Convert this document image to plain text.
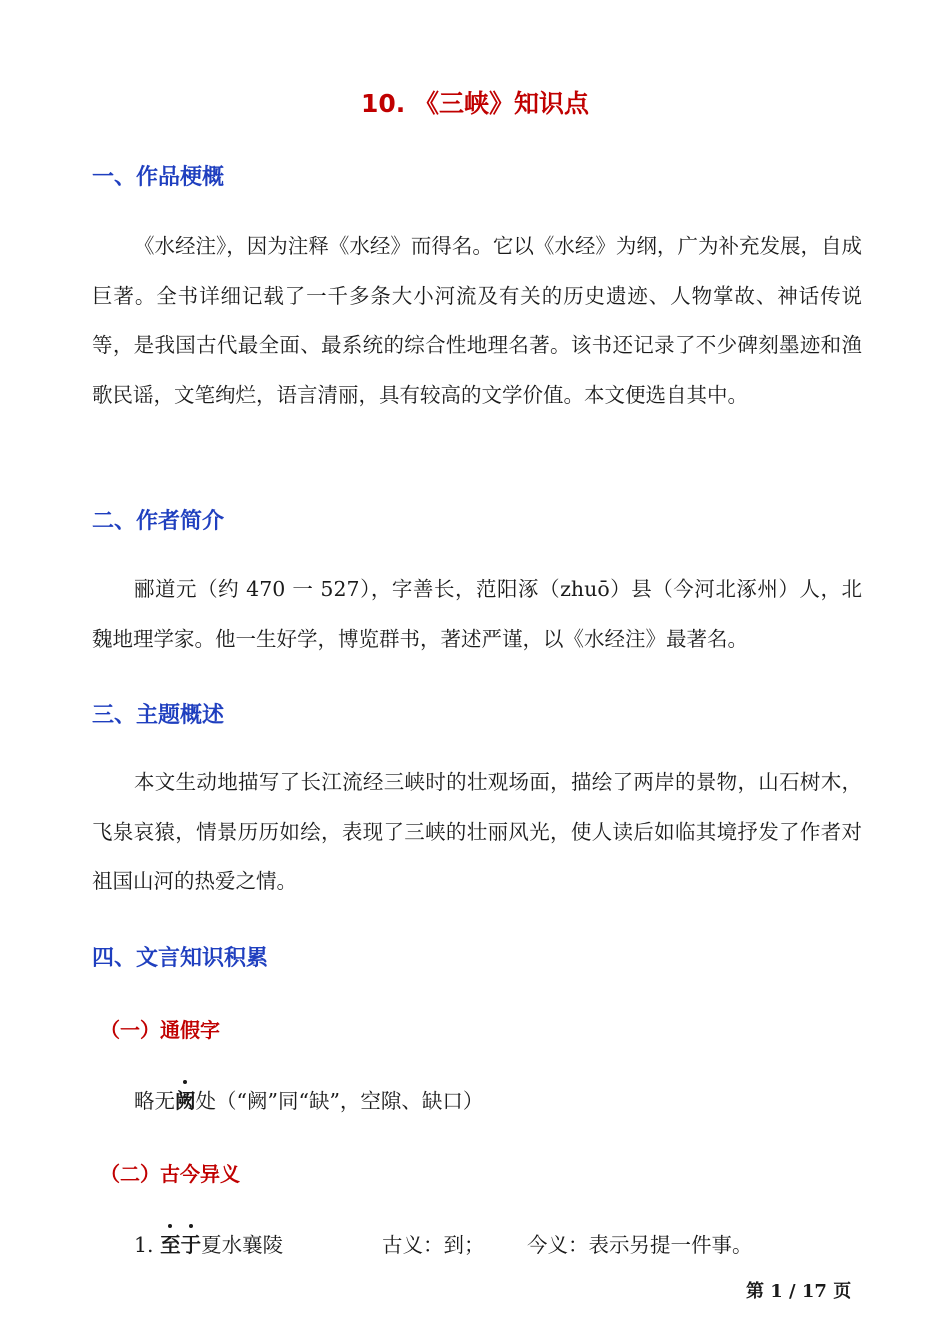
10. 《三峡》知识点
一、作品梗概

《水经注》，因为注释《水经》而得名。它以《水经》为纲，广为补充发展，自成巨著。全书详细记载了一千多条大小河流及有关的历史遗迹、人物掌故、神话传说等，是我国古代最全面、最系统的综合性地理名著。该书还记录了不少碑刻墨迹和渔歌民谣，文笔绚烂，语言清丽，具有较高的文学价值。本文便选自其中。

二、作者简介

郦道元（约 470 一 527），字善长，范阳涿（zhuō）县（今河北涿州）人，北魏地理学家。他一生好学，博览群书，著述严谨，以《水经注》最著名。

三、主题概述

本文生动地描写了长江流经三峡时的壮观场面，描绘了两岸的景物，山石树木，飞泉哀猿，情景历历如绘，表现了三峡的壮丽风光，使人读后如临其境抒发了作者对祖国山河的热爱之情。

四、文言知识积累
（一）通假字

略无阙处（“阙”同“缺”，空隙、缺口）

（二）古今异义

1. 至于夏水襄陵	古义：到； 今义：表示另提一件事。

第 1 / 17 页
